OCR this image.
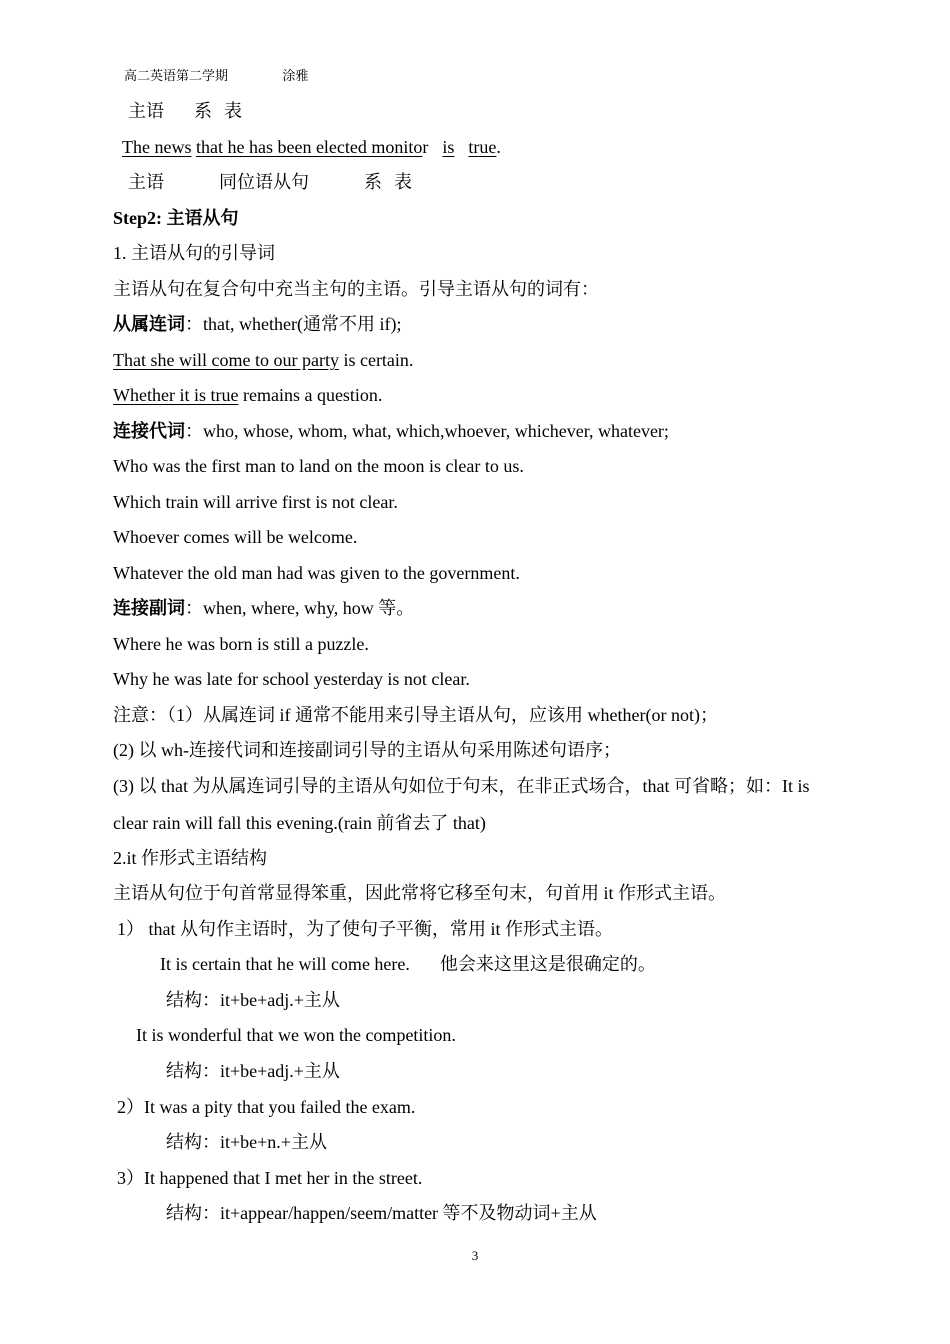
高二英语第二学期	涂雅
主语 系 表
The news that he has been elected monitor is true.
主语	同位语从句	系 表
Step2: 主语从句
1. 主语从句的引导词
主语从句在复合句中充当主句的主语。引导主语从句的词有：
从属连词：that, whether(通常不用 if);
That she will come to our party is certain.
Whether it is true remains a question.
连接代词：who, whose, whom, what, which,whoever, whichever, whatever;
Who was the first man to land on the moon is clear to us.
Which train will arrive first is not clear.
Whoever comes will be welcome.
Whatever the old man had was given to the government.
连接副词：when, where, why, how 等。
Where he was born is still a puzzle.
Why he was late for school yesterday is not clear.
注意：（1）从属连词 if 通常不能用来引导主语从句，应该用 whether(or not)；
(2) 以 wh-连接代词和连接副词引导的主语从句采用陈述句语序；
(3) 以 that 为从属连词引导的主语从句如位于句末，在非正式场合，that 可省略；如：It is
clear rain will fall this evening.(rain 前省去了 that)
2.it 作形式主语结构
主语从句位于句首常显得笨重，因此常将它移至句末，句首用 it 作形式主语。
1） that 从句作主语时，为了使句子平衡，常用 it 作形式主语。
It is certain that he will come here. 他会来这里这是很确定的。
结构：it+be+adj.+主从
It is wonderful that we won the competition.
结构：it+be+adj.+主从
2）It was a pity that you failed the exam.
结构：it+be+n.+主从
3）It happened that I met her in the street.
结构：it+appear/happen/seem/matter 等不及物动词+主从
3
